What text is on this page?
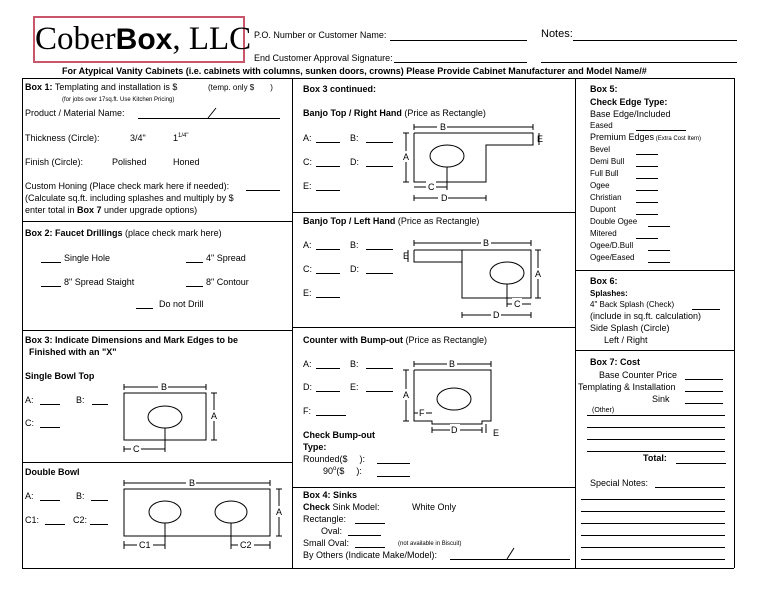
CoberBox, LLC P.O. Number or Customer Name:	Notes:
End Customer Approval Signature:
For Atypical Vanity Cabinets (i.e. cabinets with columns, sunken doors, crowns) Please Provide Cabinet Manufacturer and Model Name/#
Box 1: Templating and installation is $	(temp. only $ )
(for jobs over 17sq.ft. Use Kitchen Pricing)
Product / Material Name:
Thickness (Circle):	3/4"	$1^{1/4"}$
Finish (Circle):	Polished	Honed
Custom Honing (Place check mark here if needed):
(Calculate sq.ft. including splashes and multiply by $
enter total in Box 7 under upgrade options)
Box 2: Faucet Drillings (place check mark here)
Single Hole	4" Spread
8" Spread Staight	8" Contour
Do not Drill
Box 3: Indicate Dimensions and Mark Edges to be
Finished with an "X"
Single Bowl Top
A:	B:
C:
B
A
C
Double Bowl
A:	B:
C1:	C2:
B
A
C1	C2
Box 3 continued:
Banjo Top / Right Hand (Price as Rectangle)
A:	B:
C:	D:
E:
B
A
E
C
D
Banjo Top / Left Hand (Price as Rectangle)
A:	B:
C:	D:
E:
B
E
A
C
D
Counter with Bump-out (Price as Rectangle)
A:	B:
D:	E:
F:
B
A
F
D	E
Check Bump-out
Type:
Rounded($ ):
90$^o$($ ):
Box 4: Sinks
Check Sink Model:	White Only
Rectangle:
Oval:
Small Oval:	(not available in Biscuit)
By Others (Indicate Make/Model):
Box 5:
Check Edge Type:
Base Edge/Included
Eased
Premium Edges (Extra Cost Item)
Bevel
Demi Bull
Full Bull
Ogee
Christian
Dupont
Double Ogee
Mitered
Ogee/D.Bull
Ogee/Eased
Box 6:
Splashes:
4" Back Splash (Check)
(include in sq.ft. calculation)
Side Splash (Circle)
Left / Right
Box 7: Cost
Base Counter Price
Templating & Installation
Sink
(Other)
Total:
Special Notes:
